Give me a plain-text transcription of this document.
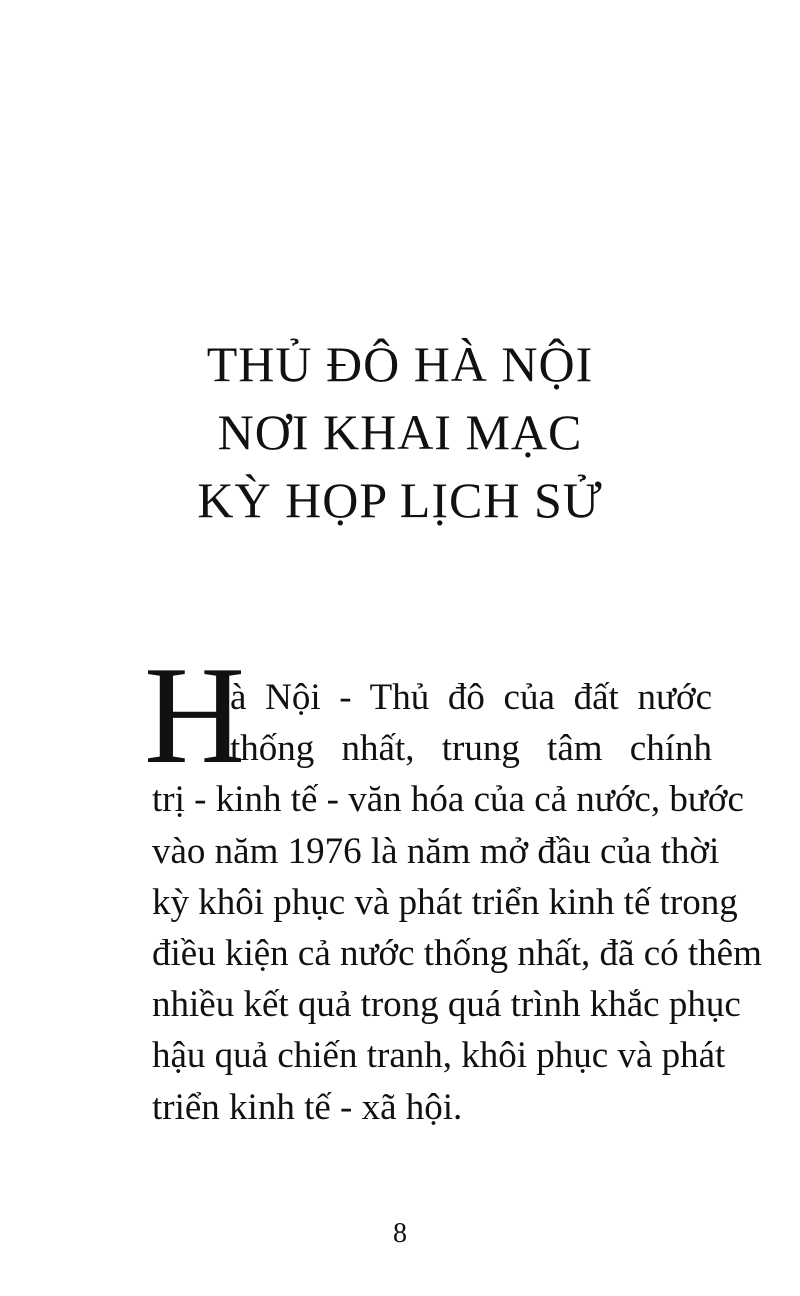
THỦ ĐÔ HÀ NỘI
NƠI KHAI MẠC
KỲ HỌP LỊCH SỬ
H
à Nội - Thủ đô của đất nước
thống nhất, trung tâm chính
trị - kinh tế - văn hóa của cả nước, bước
vào năm 1976 là năm mở đầu của thời
kỳ khôi phục và phát triển kinh tế trong
điều kiện cả nước thống nhất, đã có thêm
nhiều kết quả trong quá trình khắc phục
hậu quả chiến tranh, khôi phục và phát
triển kinh tế - xã hội.
8
